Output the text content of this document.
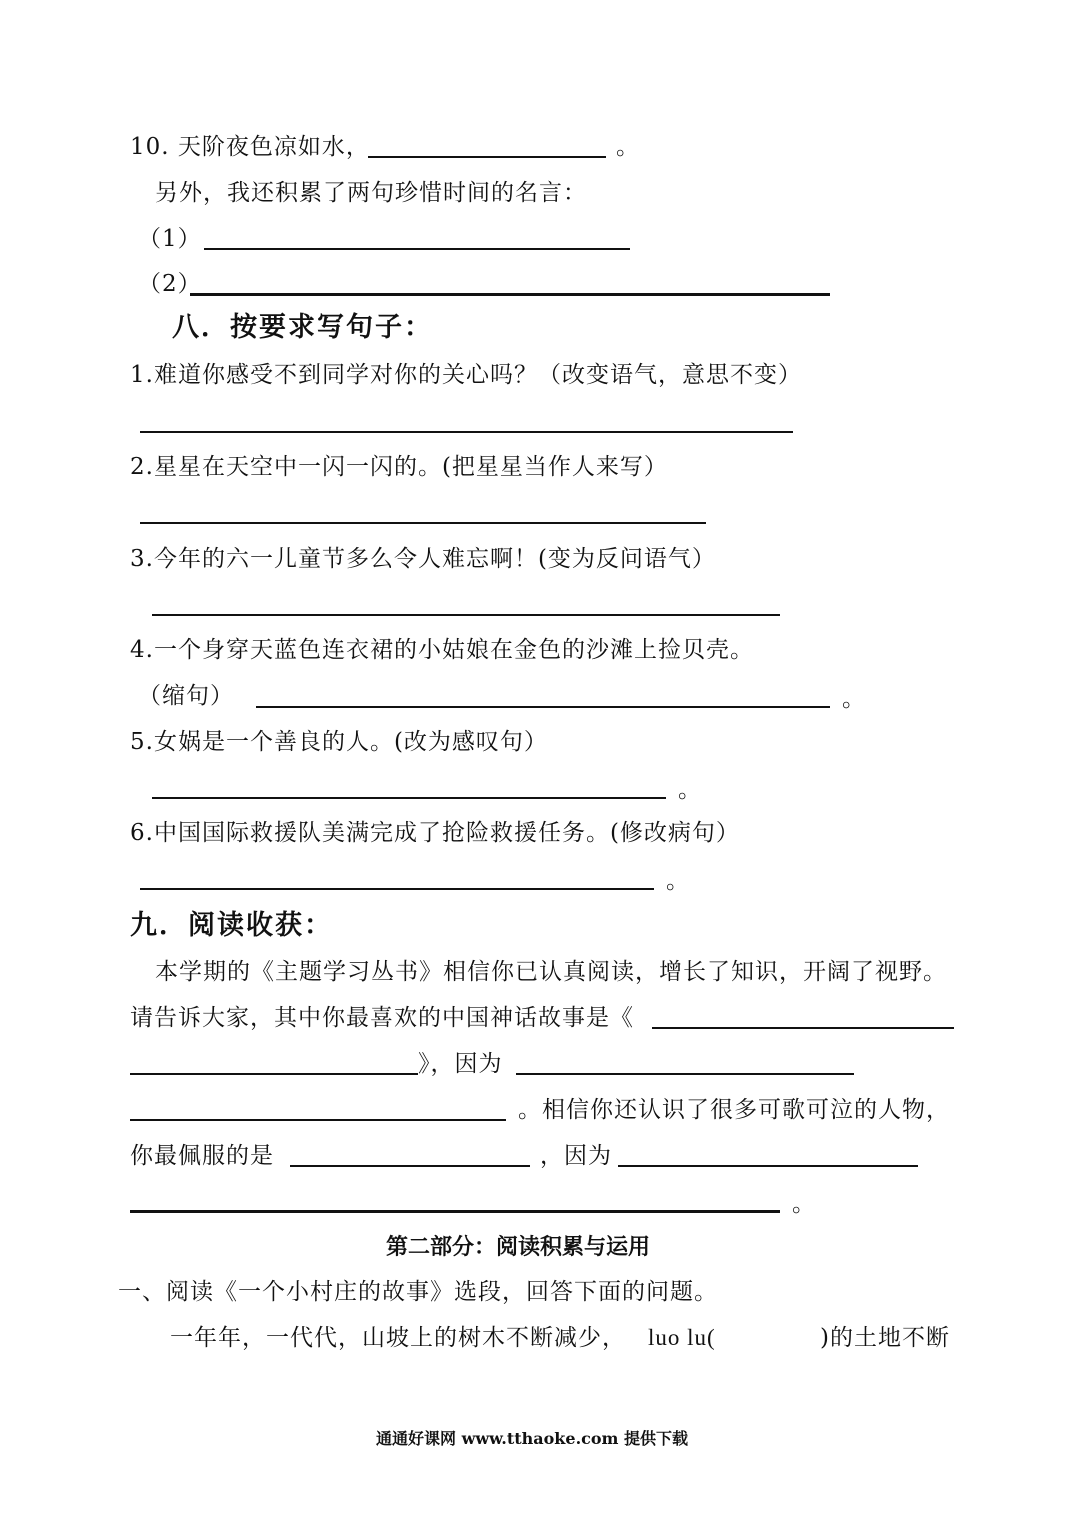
10. 天阶夜色凉如水，	。
另外，我还积累了两句珍惜时间的名言：
（1）
（2）
八．按要求写句子：
1.难道你感受不到同学对你的关心吗？（改变语气，意思不变）
2.星星在天空中一闪一闪的。(把星星当作人来写）
3.今年的六一儿童节多么令人难忘啊！(变为反问语气）
4.一个身穿天蓝色连衣裙的小姑娘在金色的沙滩上捡贝壳。
（缩句）	。
5.女娲是一个善良的人。(改为感叹句）
。
6.中国国际救援队美满完成了抢险救援任务。(修改病句）
。
九．阅读收获：
本学期的《主题学习丛书》相信你已认真阅读，增长了知识，开阔了视野。
请告诉大家，其中你最喜欢的中国神话故事是《
》，因为
。相信你还认识了很多可歌可泣的人物，
你最佩服的是	，因为
。
第二部分：阅读积累与运用
一、阅读《一个小村庄的故事》选段，回答下面的问题。
一年年，一代代，山坡上的树木不断减少， luo lu(	)的土地不断
通通好课网 www.tthaoke.com 提供下载
